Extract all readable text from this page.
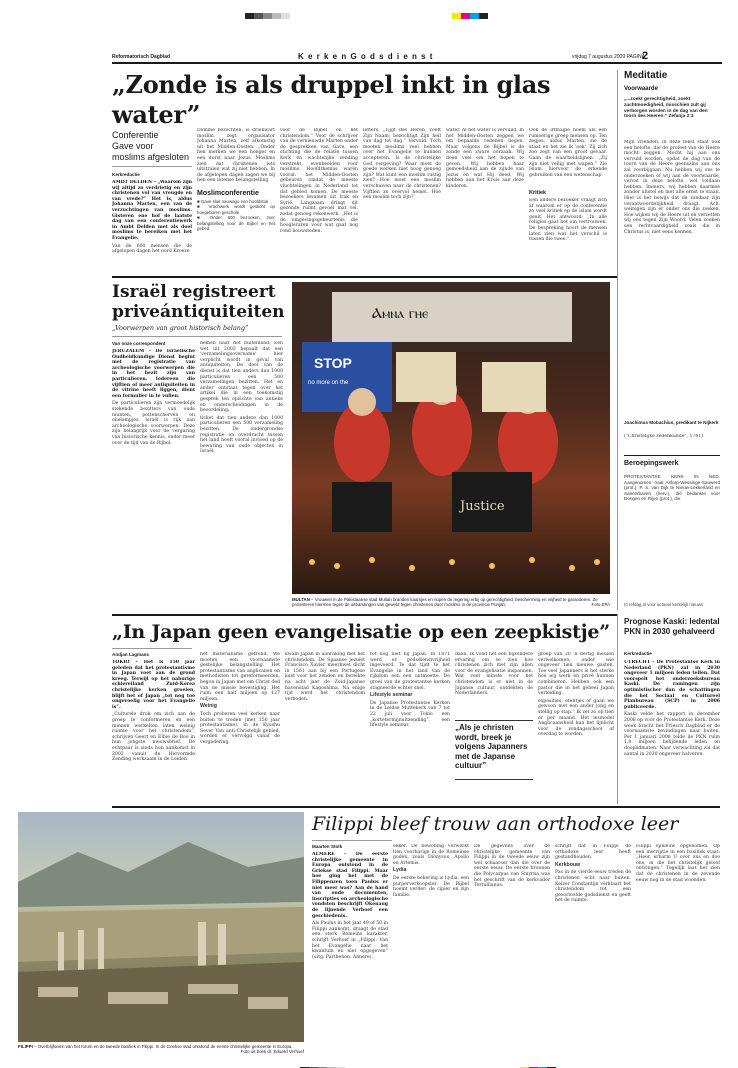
Reformatorisch Dagblad	K e r k e n G o d s d i e n s t	vrijdag 7 augustus 2009 PAGINA
2
„Zonde is als druppel inkt in glas water”
Conferentie
Gave voor
moslims afgesloten
Kerkredactie

AMDT DELDEN – „Waarom zijn wij altijd zo verdrietig en zijn christenen vol van vreugde en van vrede?” Het is, aldus Johanna Marten, een van de verzuchtingen van moslims. Gisteren ene hof de laatste dag van een conferentiewerk in Ambt Delden met als doel moslims te bereiken met het Evangelie.

Van de 600 mensen die de afgelopen dagen het oord Kroeze

Damme bezochten, is driekwart moslim, zegt organisator Johanna Marten, zelf afkomstig uit het Midden-Oosten. „Onder hen merken we een honger en een dorst naar Jezus. Moslims zien dat christenen iets uitstralen wat zij niet hebben. In de afgelopen dagen zagen we bij hen een intense belangstelling
Moslimconferentie
■ Gave sluit nauwago een hoofdstuk
■ Vrachwerk wordt gesticht op hoegeboren geschole
■ Onder 600 bezoeken, zeer belangstelling voor de Bijbel en het gebed
voor de Bijbel en het christendom.” Voor de schrijver van de vernieuwde Marten onder de gesprekken van Gave, een stichting die de relatie tussen Kerk en wachtelijke zending verstrekt, evenbeelden voor moslims. Hoofdthemas waren vooral: het Midden-Oosten gebeuren omdat de meeste vluchtelingen in Nederland tot dat gebied komen. De meeste bezoekers kwamen uit Irak en Syrië. Langzaam dringt dit gezonde ruimt gevoel mat vel. zodat genoeg rekenwerk. „Het is de omgevingsgebeurtenis die hoogleraren voor wat gaat nog rond bouwsteden.
letters. „Tijgt des Heren, zoeft Zijn Naam; bezochtigt Zijn heil van dag tot dag.” Vervuld. Toch moeten moslims veel hebben over het Evangelie te kunnen accepteren. Is de christelijke God vergeving? Waar moet de goede werken niet hoog genoeg zijn? Wat kunt een moslim rustig zien? Hoe moet een moslim verschuiven naar de christenen? Vijftien zo overvol hemel. Hoe een moslim toch zijn?
water. Al het water is vervuild. In het Midden-Oosten zeggen we om bepaalde redenen liegen. Maar volgens de Bijbel is de zonde een zware oorzaak. Wij doen veel om het hopen te geven. Wij hebben haar gemoedsheid aan de zijnde van Jezus en wat Hij deed. Wij hebben aan het Kruis aan deze kinderen.
Ook de irfmagie noem als een rumoerige groep mensen op. Ten zegjes, aldus Marten, zie de staat en het zie ik 'ook'. Zij zich zoo zegt van een groot gevaar. Gaan de waarheidslijnen. „Zij zijn niet veilig met wapen.” Zie Islam hiervoor de erkende gebruiken van een wetenschap.
Kritiek
Een andere bezoeker vraagt zich af waarom er op de conferentie zo veel kritiek op de islam wordt geuit. Het antwoord: „In alle religies gaat het om vertrouwen. De bespreking hoort de mensen laten zien wat het verschil is tussen die twee.”
Meditatie
Voorwaarde
„...zoekt gerechtigheid, zoekt zachtmoedigheid, misschien zult gij verborgen worden in de dag van den toorn des Heeren.” Zefanja 2:3
Mijn vrienden, in deze tekst staat ook een belofte, die de profeet van de Heere mocht zeggen. Mocht hij aan ons vervuld worden, opdat de dag van de toorn van de Heere geenszins aan ons zal voorbijgaan. Nu hebben wij ons te onderzoeken of wij aan de voorwaarde, vervat in deze belofte, wel voldaan hebben. Immers, wij hebben daarmee zonder uitstel en met alle ernst te staan. Hier is het bewijs dat de zondaar zijn verantwoordelijkheid draagt. Ach, weinigen zijn er onder ons die zoeken. Hoe wijken wij de Heere uit en verzetten wij ons tegen Zijn Woord. Velen zoeken een rechtvaardigheid zoals die in Christus is, niet eens kennen.
Joachimus Mobachius, predikant te Nijkerk
("Christelijke zedenkunde", 1741)
Beroepingswerk
PROTESTANTSE KERK IN NED. Aangenomen: naar Asforp-Wessinge-Sauwerd (prot.), P. S. van Dijk te Nieuw-Lekkerland en Sancerbaven (herv.), die bedankte voor Dongen en Rijen (prot.), die
⊡ refdag.nl voor actueel kerkelijk nieuws
Israël registreert priveántiquiteiten
„Voorwerpen van groot historisch belang”
Van onze correspondent

JERUZALEM – De Israëlische Oudheidkundige Dienst begint met de registratie van archeologische voorwerpen die in het bezit zijn van particulieren. Iedereen die vijftien of meer antiquiteiten in de vitrine heeft liggen, dient een formulier in te vullen.

De particulieren zijn vermoedelijk stekende bezitters van oude munten, pottenscherven en olielampjes. Israël is rijk aan archeologische voorwerpen. Deze zijn belangrijk voor de vergaring van historische kennis, onder meer over de tijd van de Bijbel.

nemen naar het buitenland. Een wet uit 2002 bepaalt dat een 'verzamelingsovername' hier verplicht wordt in geval van antiquiteiten. De doel van de dienst is dat tien anders dan 1000 particulieren een 500 verzamelingen bezitten. Het en ander ontstaat tegen over het artikel die in een toekomstig gesprek ten opzichte van antieke en onderscheidingen in de beoordeling.

ticket dat tien andere dan 1000 particulieren een 500 verzameling bezitten. De ondergrondse registratie en overdracht tussen het land heeft vooral invloed op de bewaring van oude objecten in Israël.

Ⲁⲙⲛⲁ ⲅⲏⲉ
STOP
no more on the
Justice
MULTAN – Vrouwen in de Pakistaanse stad Multan branden kaarsjes en nopen de regering erbij op gerechtigheid, bescherming en vrijheid te garanderen. Ze protesteren hiermee tegen de uitbarstingen van geweld tegen christenen door moslims in de provincie Punjab.	Foto EPA
„In Japan geen evangelisatie op een zeepkistje”
Andjan Lagmans

TOKIO – Het is 150 jaar geleden dat het protestantisme in Japan voet aan de grond kreeg. Terwijl op het naburige schiereiland Zuid-Korea christelijke kerken groeien, blijft het of Japan „tot nog toe ongevoelig voor het Evangelie is”.

„Culturele druk om zich aan de groep te conformeren en een minnen werkelten laten weinig ruimte voor het christendom”, schrijven Geert en Elbie de Boo in hun jongste nieuwsbrief. De echtpaar is sinds hun aankomst in 2003 vanuit de Hervormde Zending werkzaam in de Leiden.

het materialisme getrond. We moeten een voornaamste gestelijke belangstelling. Het protestantisme van anglicanen en methodisten tot gereformeerden, begon in Japan met om Christ ded van de missie bevestiging. Het ruim een half miljoen op 127 miljoen.

Weinig

Toch proberen veel kerken naar buiten te treden (met 150 jaar protestantisme). In de Kyushu Sever Van anti-Christelijk gebied, worden er vervolgd vanaf de vergadering.

kwam Japan in aanraking met het christendom. De Spaanse jezuïet Francisco Xavier meerkwet dicht in 1561 aan bij een Portugese kust voor het zenden en bereikte na acht jaar de Zuid-Japanse havenstad Kagoshima. Na enige tijd werd het christendom verboden.

tot nog niet bij Japan. In 1871 werd er godsdienstvrijheid ingevoerd. Te dat tijdt te het Evangelie in het land van de rijkdom een een ontmoette. De groei van de protestantse kerken stagneerde echter snel.

Lifestyle seminar

De Japanse Protestantse Kerken in de Leidse Muttekerk van 7 tot 22 juli voor Tokio een „kortetermijnuitzending”, een lifestyle seminar.

daan. Ik vond het een bijzondere ervaring om te zien hoe christenen zich met zijn allen voor de evangelisatie inspannen. Wat veel minste voor het christendom is er niet in de Japanse cultuur, ontdekten de Nederlanders.
„Als je christen wordt, breek je volgens Japanners met de Japanse cultuur”

groep van 20 'n dertig messen verwelkomen, onder wie ongeveer tien nieuwe gasten. Toe veel Japanners is het sterke hoe wij werk en privé kunnen combineren. Hebben ook een pastor die in het geheel Japan verleiding.

exposities, etentjes of gaan we gewoon met een ander jong en stellig op stap.” Ik zet zo op tien er per maand. Het lesmodel Anglicaansheid kan het lijnlicht voor de zondagsschool of overdag te worden.

Prognose Kaski: ledental PKN in 2030 gehalveerd
Kerkredactie

UTRECHT – De Protestantse Kerk in Nederland (PKN) zal in 2030 ongeveer 1 miljoen leden tellen. Dat voorspelt het onderzoeksbureau Kaski. De ramingen zijn optimistischer dan de schattingen die het Sociaal en Cultureel Planbureau (SCP) in 2006 publiceerde.

Kaski velde het rapport in december 2008 op voor de Protestantse Kerk. Deze week bracht het Friesch Dagblad er de voornaamste bevindingen naar buiten. Per 1 januari 2008 telde de PKN ruim 1,8 miljoen belijdende leden en dooplidmaten. Naar verwachting zal dat aantal in 2030 ongeveer halveren.

FILIPPI – Overblijfselen van het forum en de tweede basiliek in Filippi. In de Griekse stad ontstond de eerste christelijke gemeente in Europa.
Foto uit boek dr. Eduard Verhoef
Filippi bleef trouw aan orthodoxe leer
Maarten Stolk

ALMERE – De eerste christelijke gemeente in Europa ontstond in de Griekse stad Filippi. Maar hoe ging het met de Filippenzen toen Paulus er niet meer was? Aan de hand van oude documenten, inscripties en archeologische vondsten beschrijft Okenaug de lijnende Verboef een geschiedenis.

Als Paulus in het jaar 49 of 50 in Filippi aankomt, draagt de stad een sterk Romeins karakter, schrijft Verhoef in „Filippi: Van het Evangelie naar het kwantum en niet opgegeven” (uitg. Parthenon, Almere).

ekker. De bewoning verwerkt tien voorbarige in de Romeinse goden, zoals Dionysus, Apollo en Artemis.

Lydia

De eerste bekering is Lydia, een purperverkoopster. De Bijbel noemt verder: de cipier en zijn familie.

De gegevens over de christelijke gemeente van Filippi in de tweede eeuw zijn wel schaarser dan die over de eerste eeuw. De eerste bronnen die Polycarpus van Smyrna was het geschrift van de kerkvader Tertullianus.

schrijft dat in Filippi de orthodoxe leer heeft gestandhouden.

Kerkbouw

Pas in de vierde eeuw treden de christenen echt naar buiten. Keizer Constantijn verklaart het christendom tot een geoorloofde godsdienst en geeft het de ruimte.

Filippi opnieuw opgenomen. Op een inscriptie in een basiliek staat: „Heer, erbarm U over ons en doe ons, in die het christelijk geloof ontvingen.” Tegelijk laat het zien dat de christenen in de zevende eeuw nog in de stad woonden.
